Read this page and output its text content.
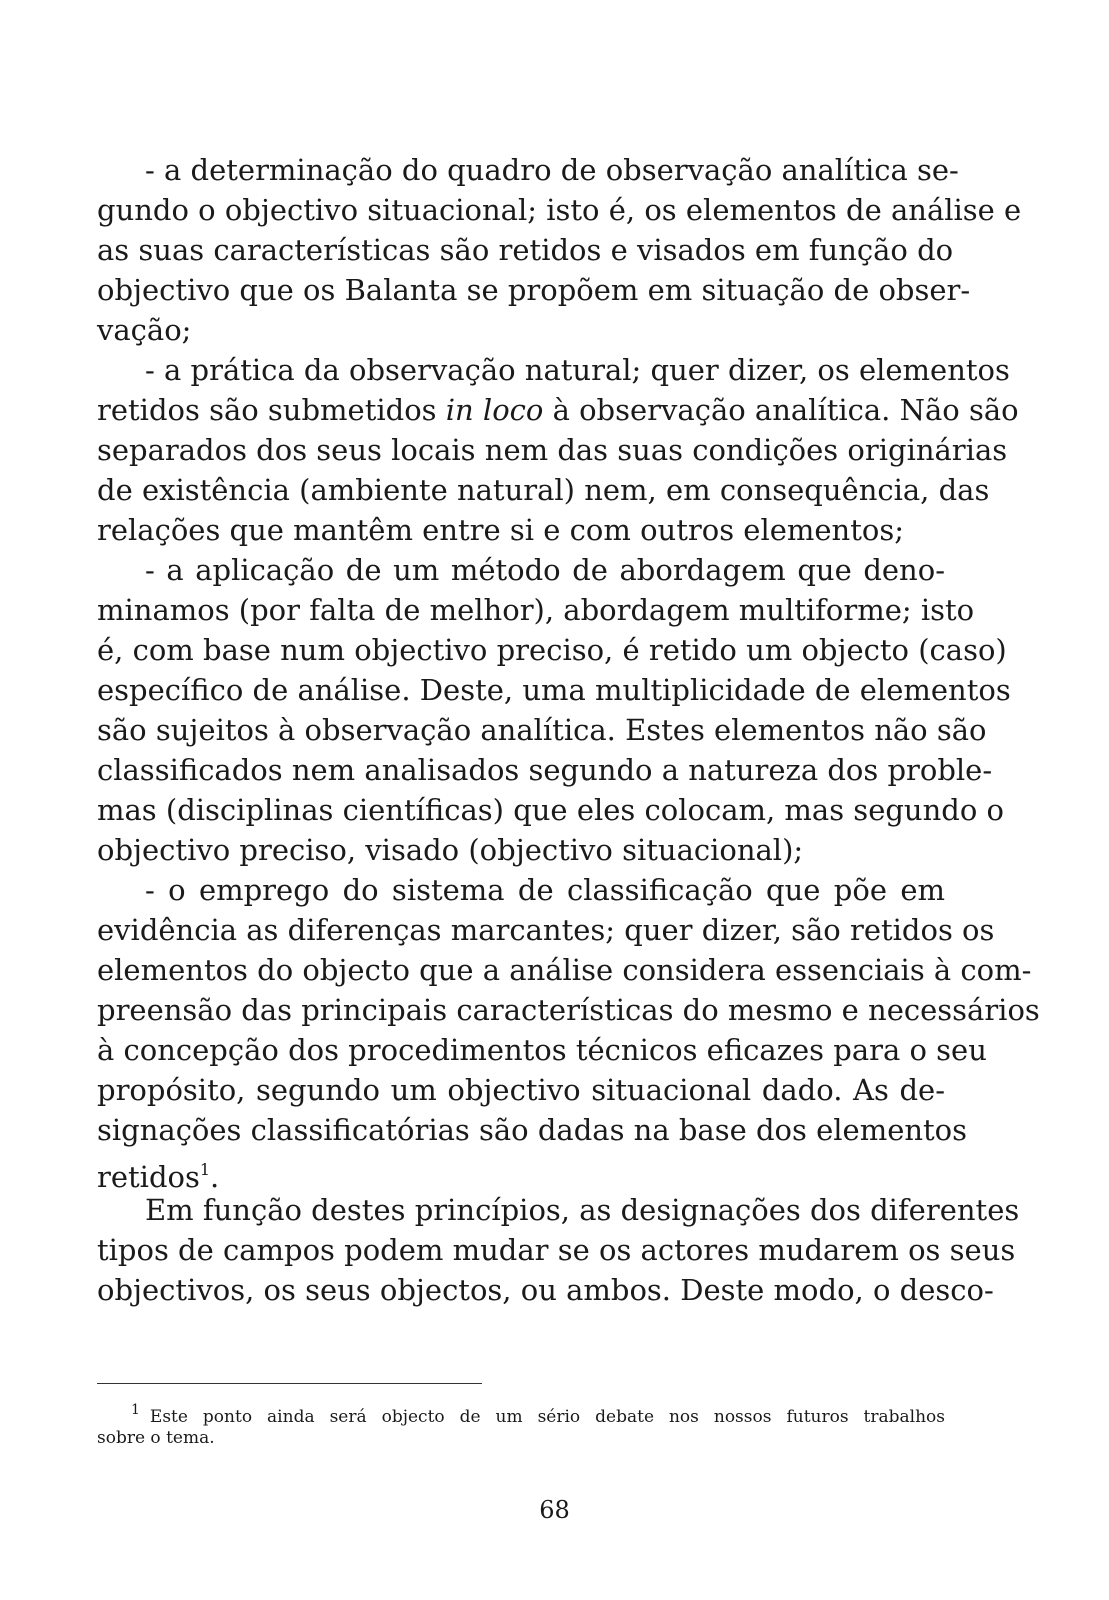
- a determinação do quadro de observação analítica se-
gundo o objectivo situacional; isto é, os elementos de análise e
as suas características são retidos e visados em função do
objectivo que os Balanta se propõem em situação de obser-
vação;
- a prática da observação natural; quer dizer, os elementos
retidos são submetidos in loco à observação analítica. Não são
separados dos seus locais nem das suas condições originárias
de existência (ambiente natural) nem, em consequência, das
relações que mantêm entre si e com outros elementos;
- a aplicação de um método de abordagem que deno-
minamos (por falta de melhor), abordagem multiforme; isto
é, com base num objectivo preciso, é retido um objecto (caso)
específico de análise. Deste, uma multiplicidade de elementos
são sujeitos à observação analítica. Estes elementos não são
classificados nem analisados segundo a natureza dos proble-
mas (disciplinas científicas) que eles colocam, mas segundo o
objectivo preciso, visado (objectivo situacional);
- o emprego do sistema de classificação que põe em
evidência as diferenças marcantes; quer dizer, são retidos os
elementos do objecto que a análise considera essenciais à com-
preensão das principais características do mesmo e necessários
à concepção dos procedimentos técnicos eficazes para o seu
propósito, segundo um objectivo situacional dado. As de-
signações classificatórias são dadas na base dos elementos
retidos$^1$.
Em função destes princípios, as designações dos diferentes
tipos de campos podem mudar se os actores mudarem os seus
objectivos, os seus objectos, ou ambos. Deste modo, o desco-
$^1$ Este ponto ainda será objecto de um sério debate nos nossos futuros trabalhos
sobre o tema.
68
